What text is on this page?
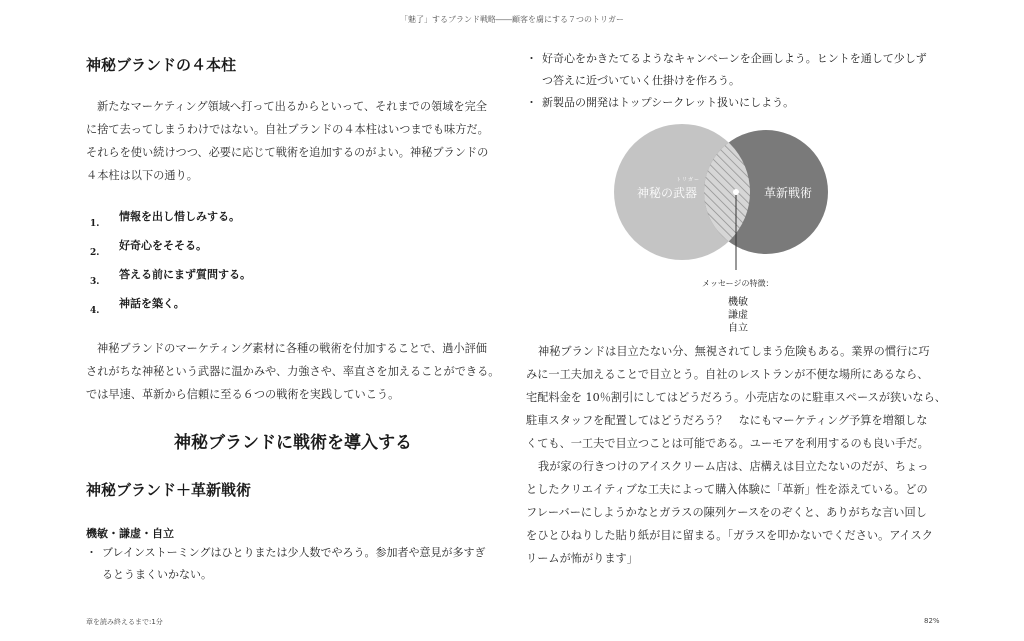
「魅了」するブランド戦略――顧客を虜にする７つのトリガー
神秘ブランドの４本柱
新たなマーケティング領域へ打って出るからといって、それまでの領域を完全
に捨て去ってしまうわけではない。自社ブランドの４本柱はいつまでも味方だ。
それらを使い続けつつ、必要に応じて戦術を追加するのがよい。神秘ブランドの
４本柱は以下の通り。
1.
情報を出し惜しみする。
2.
好奇心をそそる。
3.
答える前にまず質問する。
4.
神話を築く。
神秘ブランドのマーケティング素材に各種の戦術を付加することで、過小評価
されがちな神秘という武器に温かみや、力強さや、率直さを加えることができる。
では早速、革新から信頼に至る６つの戦術を実践していこう。
神秘ブランドに戦術を導入する
神秘ブランド＋革新戦術
機敏・謙虚・自立
・ ブレインストーミングはひとりまたは少人数でやろう。参加者や意見が多すぎ
るとうまくいかない。
・ 好奇心をかきたてるようなキャンペーンを企画しよう。ヒントを通して少しず
つ答えに近づいていく仕掛けを作ろう。
・ 新製品の開発はトップシークレット扱いにしよう。
神秘ブランドは目立たない分、無視されてしまう危険もある。業界の慣行に巧
みに一工夫加えることで目立とう。自社のレストランが不便な場所にあるなら、
宅配料金を 10％割引にしてはどうだろう。小売店なのに駐車スペースが狭いなら、
駐車スタッフを配置してはどうだろう？　なにもマーケティング予算を増額しな
くても、一工夫で目立つことは可能である。ユーモアを利用するのも良い手だ。
我が家の行きつけのアイスクリーム店は、店構えは目立たないのだが、ちょっ
としたクリエイティブな工夫によって購入体験に「革新」性を添えている。どの
フレーバーにしようかなとガラスの陳列ケースをのぞくと、ありがちな言い回し
をひとひねりした貼り紙が目に留まる。「ガラスを叩かないでください。アイスク
リームが怖がります」
トリガー
神秘の武器	革新戦術
メッセージの特徴：
機敏
謙虚
自立
章を読み終えるまで:1分	82%
